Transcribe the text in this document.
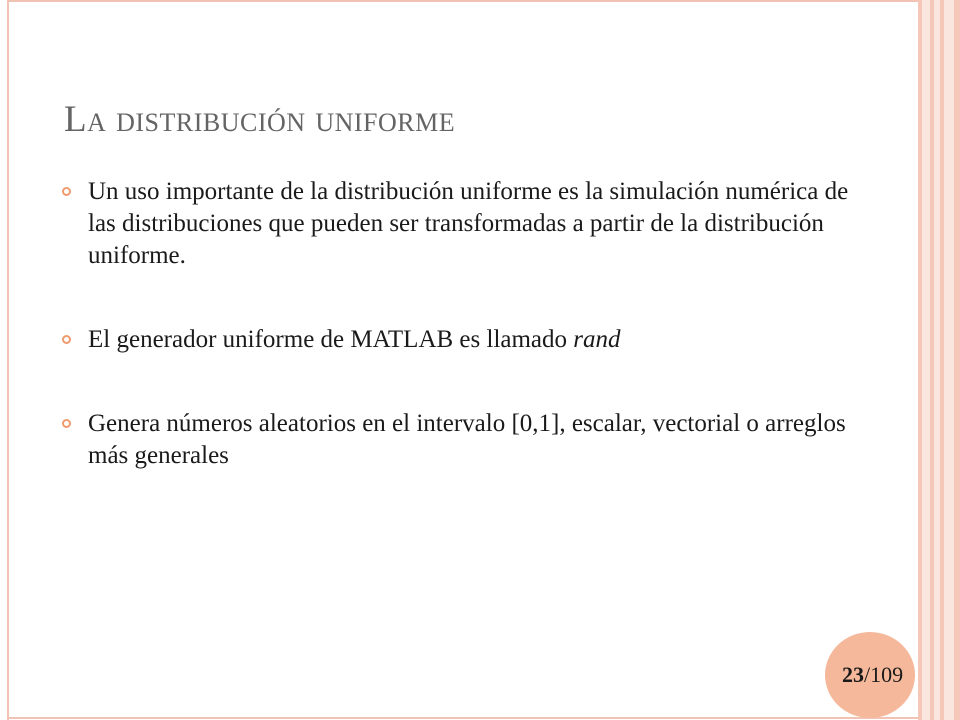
La distribución uniforme
Un uso importante de la distribución uniforme es la simulación numérica de las distribuciones que pueden ser transformadas a partir de la distribución uniforme.
El generador uniforme de MATLAB es llamado rand
Genera números aleatorios en el intervalo [0,1], escalar, vectorial o arreglos más generales
23/109
